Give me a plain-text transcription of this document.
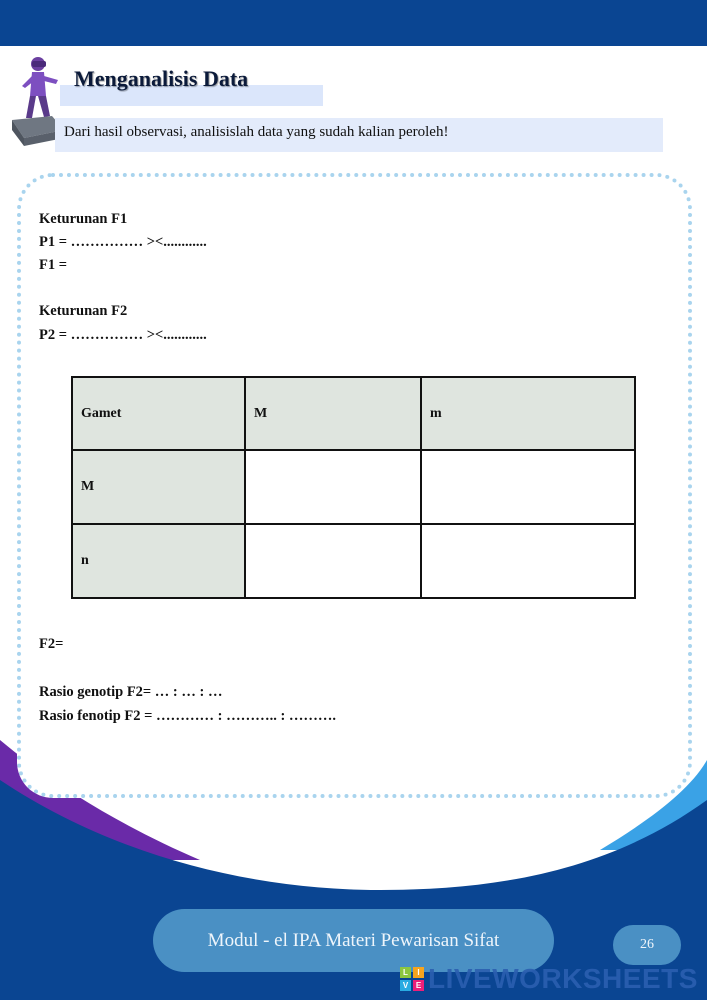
Menganalisis Data
Dari hasil observasi, analisislah data yang sudah kalian peroleh!
Keturunan F1
P1 = …………… ><............
F1 =
Keturunan F2
P2 = …………… ><............
Gamet	M	m
M		
n		
F2=
Rasio genotip F2= … : … : …
Rasio fenotip F2 = ………… : ……….. : ……….
Modul - el IPA Materi Pewarisan Sifat	26
L	I
V E LIVEWORKSHEETS
